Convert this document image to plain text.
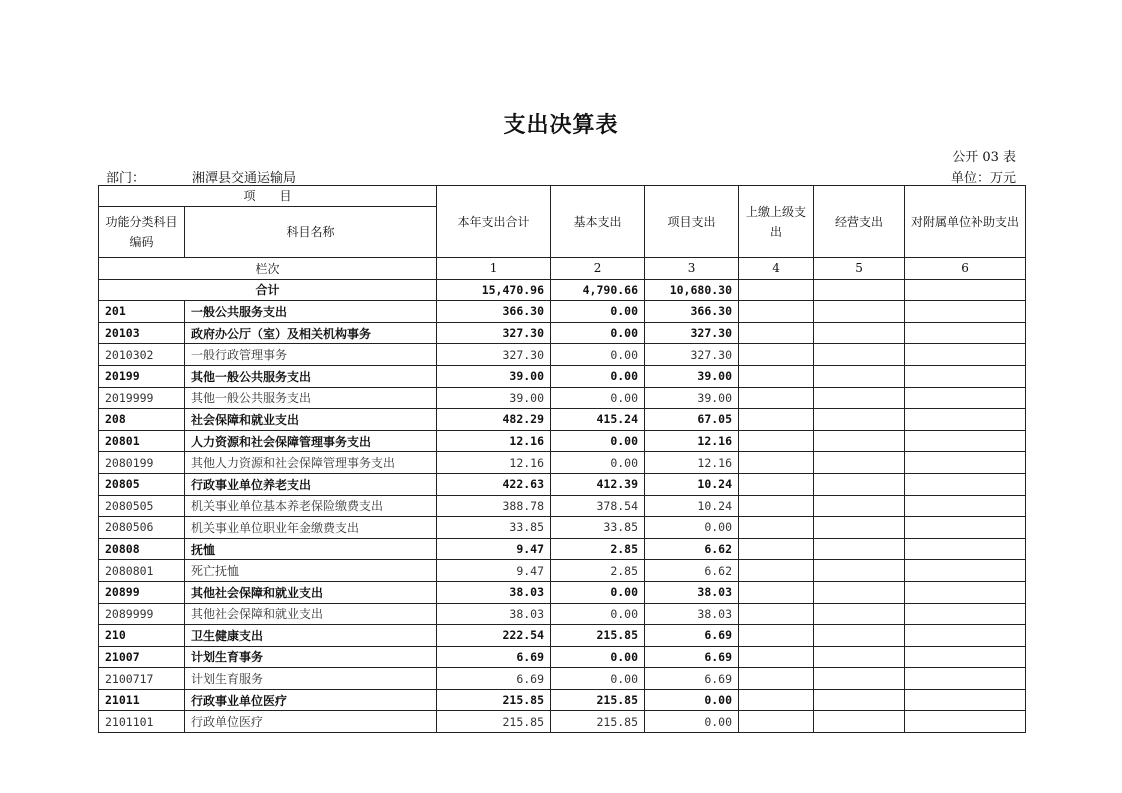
支出决算表
公开 03 表
部门：	湘潭县交通运输局	单位：万元
项　　目		本年支出合计	基本支出	项目支出	上缴上级支出	经营支出	对附属单位补助支出
功能分类科目编码	科目名称						
栏次		1	2	3	4	5	6
合计		15,470.96	4,790.66	10,680.30			
201	一般公共服务支出	366.30	0.00	366.30			
20103	政府办公厅（室）及相关机构事务	327.30	0.00	327.30			
2010302	一般行政管理事务	327.30	0.00	327.30			
20199	其他一般公共服务支出	39.00	0.00	39.00			
2019999	其他一般公共服务支出	39.00	0.00	39.00			
208	社会保障和就业支出	482.29	415.24	67.05			
20801	人力资源和社会保障管理事务支出	12.16	0.00	12.16			
2080199	其他人力资源和社会保障管理事务支出	12.16	0.00	12.16			
20805	行政事业单位养老支出	422.63	412.39	10.24			
2080505	机关事业单位基本养老保险缴费支出	388.78	378.54	10.24			
2080506	机关事业单位职业年金缴费支出	33.85	33.85	0.00			
20808	抚恤	9.47	2.85	6.62			
2080801	死亡抚恤	9.47	2.85	6.62			
20899	其他社会保障和就业支出	38.03	0.00	38.03			
2089999	其他社会保障和就业支出	38.03	0.00	38.03			
210	卫生健康支出	222.54	215.85	6.69			
21007	计划生育事务	6.69	0.00	6.69			
2100717	计划生育服务	6.69	0.00	6.69			
21011	行政事业单位医疗	215.85	215.85	0.00			
2101101	行政单位医疗	215.85	215.85	0.00			
